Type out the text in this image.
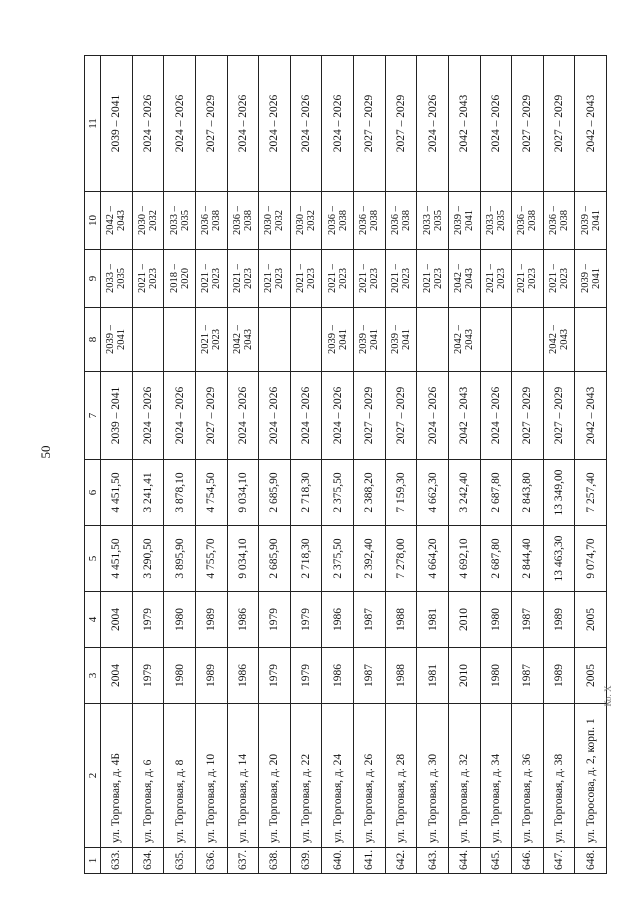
50
1	2	3	4	5	6	7	8	9	10	11
633.	ул. Торговая, д. 4Б	2004	2004	4 451,50	4 451,50	2039 – 2041	2039 – 2041	2033 – 2035	2042 – 2043	2039 – 2041
634.	ул. Торговая, д. 6	1979	1979	3 290,50	3 241,41	2024 – 2026		2021 – 2023	2030 – 2032	2024 – 2026
635.	ул. Торговая, д. 8	1980	1980	3 895,90	3 878,10	2024 – 2026		2018 – 2020	2033 – 2035	2024 – 2026
636.	ул. Торговая, д. 10	1989	1989	4 755,70	4 754,50	2027 – 2029	2021 – 2023	2021 – 2023	2036 – 2038	2027 – 2029
637.	ул. Торговая, д. 14	1986	1986	9 034,10	9 034,10	2024 – 2026	2042 – 2043	2021 – 2023	2036 – 2038	2024 – 2026
638.	ул. Торговая, д. 20	1979	1979	2 685,90	2 685,90	2024 – 2026		2021 – 2023	2030 – 2032	2024 – 2026
639.	ул. Торговая, д. 22	1979	1979	2 718,30	2 718,30	2024 – 2026		2021 – 2023	2030 – 2032	2024 – 2026
640.	ул. Торговая, д. 24	1986	1986	2 375,50	2 375,50	2024 – 2026	2039 – 2041	2021 – 2023	2036 – 2038	2024 – 2026
641.	ул. Торговая, д. 26	1987	1987	2 392,40	2 388,20	2027 – 2029	2039 – 2041	2021 – 2023	2036 – 2038	2027 – 2029
642.	ул. Торговая, д. 28	1988	1988	7 278,00	7 159,30	2027 – 2029	2039 – 2041	2021 – 2023	2036 – 2038	2027 – 2029
643.	ул. Торговая, д. 30	1981	1981	4 664,20	4 662,30	2024 – 2026		2021 – 2023	2033 – 2035	2024 – 2026
644.	ул. Торговая, д. 32	2010	2010	4 692,10	3 242,40	2042 – 2043	2042 – 2043	2042 – 2043	2039 – 2041	2042 – 2043
645.	ул. Торговая, д. 34	1980	1980	2 687,80	2 687,80	2024 – 2026		2021 – 2023	2033 – 2035	2024 – 2026
646.	ул. Торговая, д. 36	1987	1987	2 844,40	2 843,80	2027 – 2029		2021 – 2023	2036 – 2038	2027 – 2029
647.	ул. Торговая, д. 38	1989	1989	13 463,30	13 349,00	2027 – 2029	2042 – 2043	2021 – 2023	2036 – 2038	2027 – 2029
648.	ул. Торосова, д. 2, корп. 1	2005	2005	9 074,70	7 257,40	2042 – 2043		2039 – 2041	2039 – 2041	2042 – 2043
Ко. Х
